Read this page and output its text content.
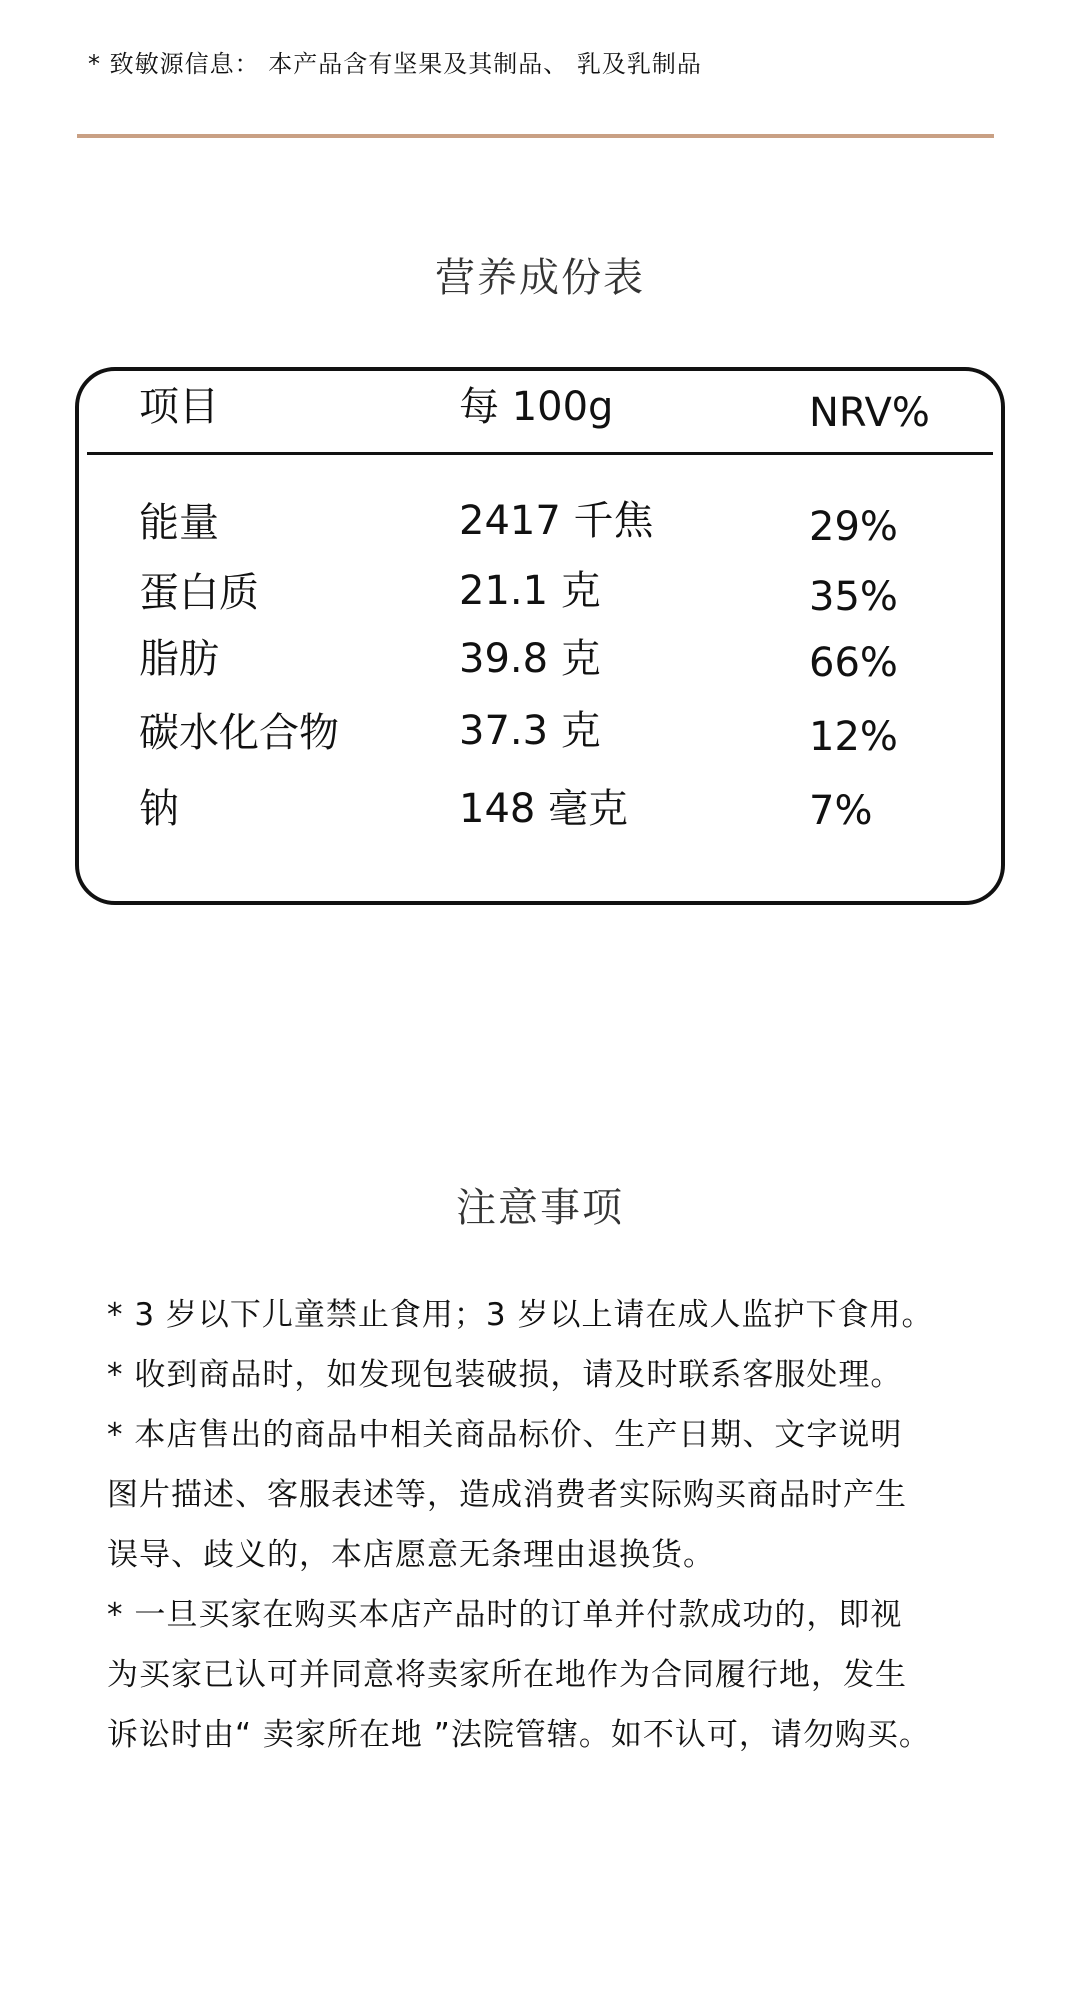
* 致敏源信息： 本产品含有坚果及其制品、 乳及乳制品
营养成份表
项目	每 100g	NRV%
能量	2417 千焦	29%
蛋白质	21.1 克	35%
脂肪	39.8 克	66%
碳水化合物	37.3 克	12%
钠	148 毫克	7%
注意事项
* 3 岁以下儿童禁止食用；3 岁以上请在成人监护下食用。
* 收到商品时，如发现包装破损，请及时联系客服处理。
* 本店售出的商品中相关商品标价、生产日期、文字说明
图片描述、客服表述等，造成消费者实际购买商品时产生
误导、歧义的，本店愿意无条理由退换货。
* 一旦买家在购买本店产品时的订单并付款成功的，即视
为买家已认可并同意将卖家所在地作为合同履行地，发生
诉讼时由“ 卖家所在地 ”法院管辖。如不认可，请勿购买。
